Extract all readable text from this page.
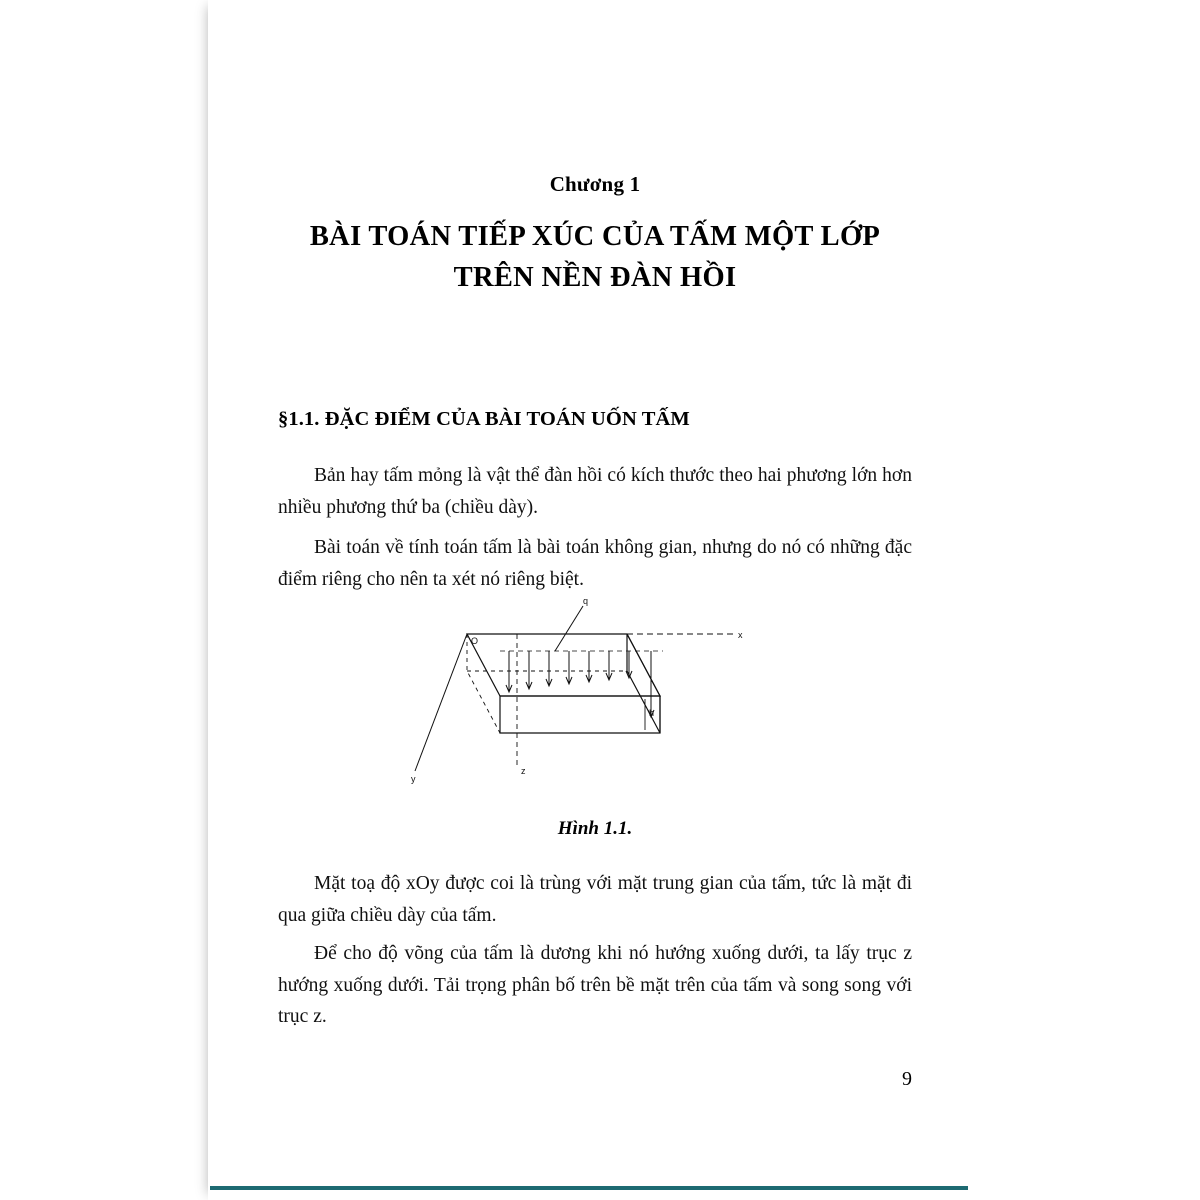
Chương 1
BÀI TOÁN TIẾP XÚC CỦA TẤM MỘT LỚP
TRÊN NỀN ĐÀN HỒI
§1.1. ĐẶC ĐIỂM CỦA BÀI TOÁN UỐN TẤM
Bản hay tấm mỏng là vật thể đàn hồi có kích thước theo hai phương lớn hơn nhiều phương thứ ba (chiều dày).
Bài toán về tính toán tấm là bài toán không gian, nhưng do nó có những đặc điểm riêng cho nên ta xét nó riêng biệt.
O
x
y
z
q
h
Hình 1.1.
Mặt toạ độ xOy được coi là trùng với mặt trung gian của tấm, tức là mặt đi qua giữa chiều dày của tấm.
Để cho độ võng của tấm là dương khi nó hướng xuống dưới, ta lấy trục z hướng xuống dưới. Tải trọng phân bố trên bề mặt trên của tấm và song song với trục z.
9
